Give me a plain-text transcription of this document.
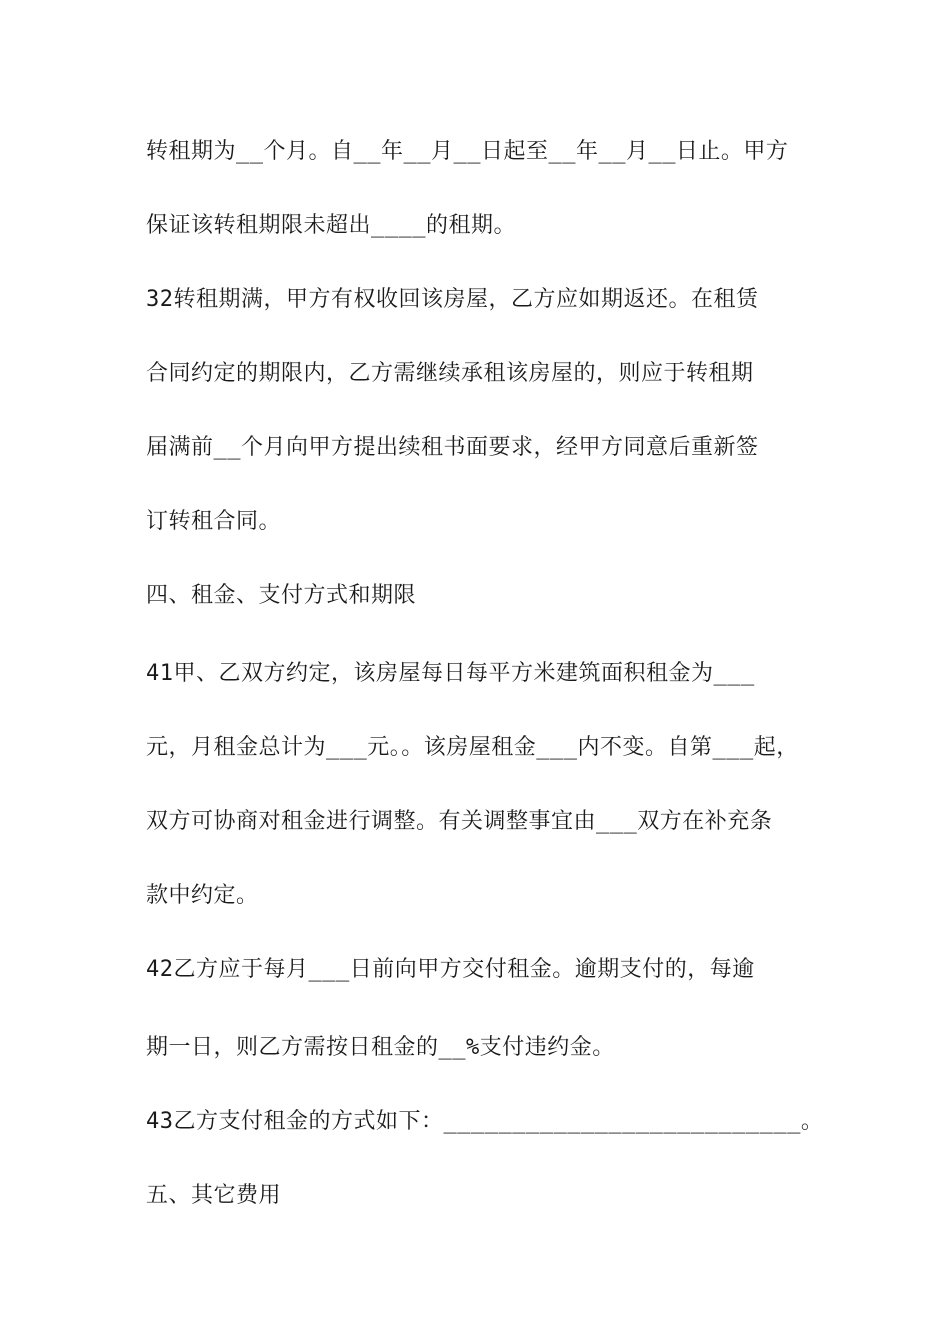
转租期为__个月。自__年__月__日起至__年__月__日止。甲方
保证该转租期限未超出____的租期。
32转租期满，甲方有权收回该房屋，乙方应如期返还。在租赁
合同约定的期限内，乙方需继续承租该房屋的，则应于转租期
届满前__个月向甲方提出续租书面要求，经甲方同意后重新签
订转租合同。
四、租金、支付方式和期限
41甲、乙双方约定，该房屋每日每平方米建筑面积租金为___
元，月租金总计为___元。。该房屋租金___内不变。自第___起，
双方可协商对租金进行调整。有关调整事宜由___双方在补充条
款中约定。
42乙方应于每月___日前向甲方交付租金。逾期支付的，每逾
期一日，则乙方需按日租金的__%支付违约金。
43乙方支付租金的方式如下：__________________________。
五、其它费用
